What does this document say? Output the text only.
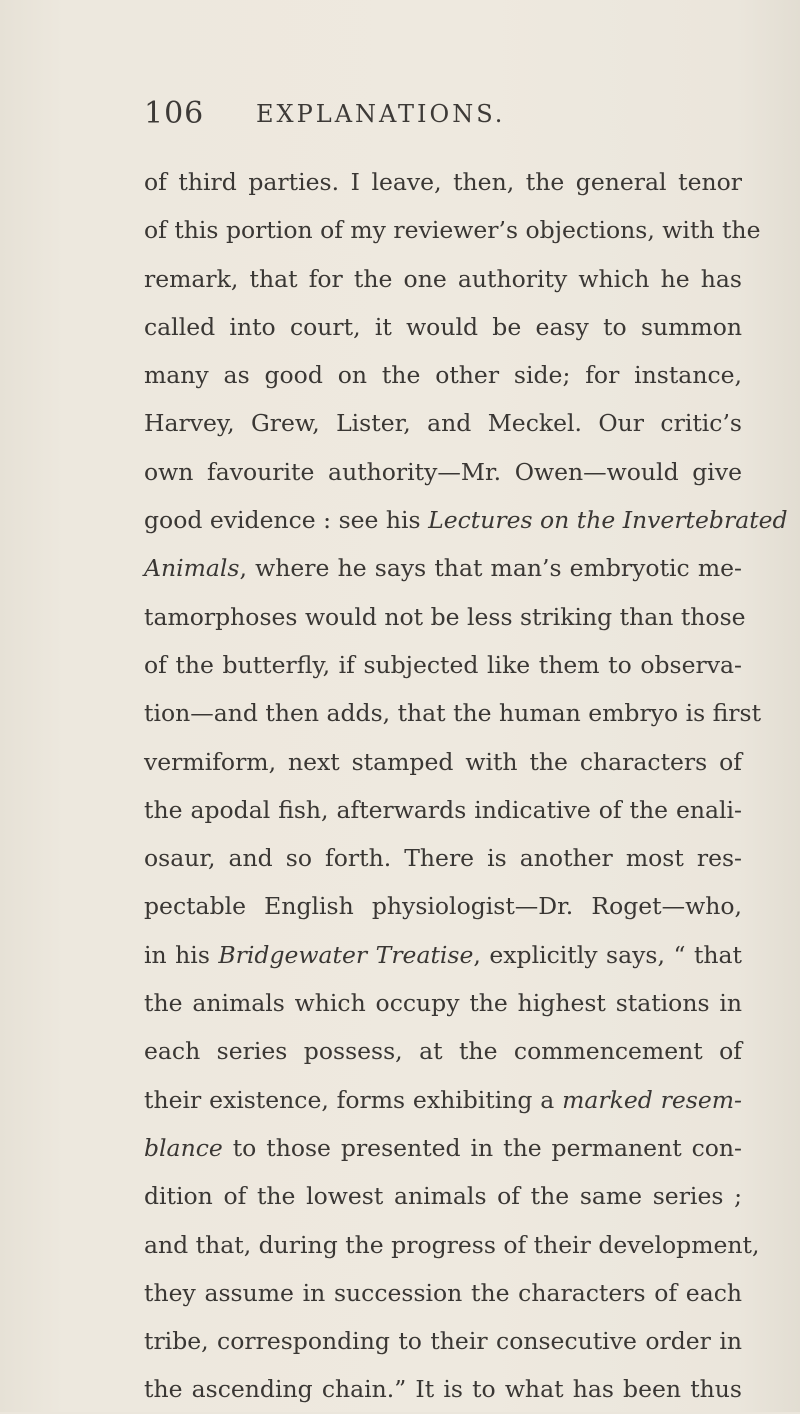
106 EXPLANATIONS.
of third parties. I leave, then, the general tenor
of this portion of my reviewer’s objections, with the
remark, that for the one authority which he has
called into court, it would be easy to summon
many as good on the other side; for instance,
Harvey, Grew, Lister, and Meckel. Our critic’s
own favourite authority—Mr. Owen—would give
good evidence : see his Lectures on the Invertebrated
Animals, where he says that man’s embryotic me-
tamorphoses would not be less striking than those
of the butterfly, if subjected like them to observa-
tion—and then adds, that the human embryo is first
vermiform, next stamped with the characters of
the apodal fish, afterwards indicative of the enali-
osaur, and so forth. There is another most res-
pectable English physiologist—Dr. Roget—who,
in his Bridgewater Treatise, explicitly says, “ that
the animals which occupy the highest stations in
each series possess, at the commencement of
their existence, forms exhibiting a marked resem-
blance to those presented in the permanent con-
dition of the lowest animals of the same series ;
and that, during the progress of their development,
they assume in succession the characters of each
tribe, corresponding to their consecutive order in
the ascending chain.” It is to what has been thus
